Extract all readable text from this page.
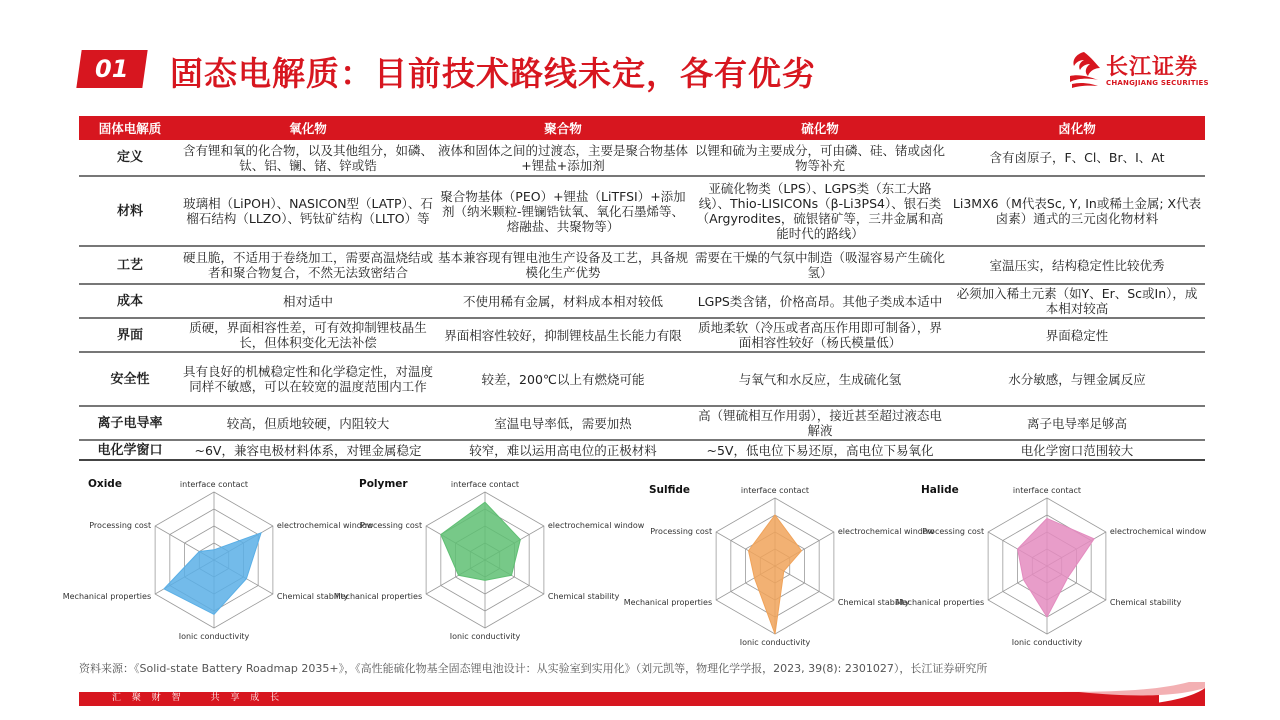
01 固态电解质：目前技术路线未定，各有优劣	长江证券
CHANGJIANG SECURITIES
固体电解质	氧化物	聚合物	硫化物	卤化物
定义	含有锂和氧的化合物，以及其他组分，如磷、钛、铝、镧、锗、锌或锆	液体和固体之间的过渡态，主要是聚合物基体+锂盐+添加剂	以锂和硫为主要成分，可由磷、硅、锗或卤化物等补充	含有卤原子，F、Cl、Br、I、At
材料	玻璃相（LiPOH）、NASICON型（LATP）、石榴石结构（LLZO）、钙钛矿结构（LLTO）等	聚合物基体（PEO）+锂盐（LiTFSI）+添加剂（纳米颗粒-锂镧锆钛氧、氧化石墨烯等、熔融盐、共聚物等）	亚硫化物类（LPS）、LGPS类（东工大路线）、Thio-LISICONs（β-Li3PS4）、银石类（Argyrodites，硫银锗矿等，三井金属和高能时代的路线）	Li3MX6（M代表Sc, Y, In或稀土金属; X代表卤素）通式的三元卤化物材料
工艺	硬且脆，不适用于卷绕加工，需要高温烧结或者和聚合物复合，不然无法致密结合	基本兼容现有锂电池生产设备及工艺，具备规模化生产优势	需要在干燥的气氛中制造（吸湿容易产生硫化氢）	室温压实，结构稳定性比较优秀
成本	相对适中	不使用稀有金属，材料成本相对较低	LGPS类含锗，价格高昂。其他子类成本适中	必须加入稀土元素（如Y、Er、Sc或In），成本相对较高
界面	质硬，界面相容性差，可有效抑制锂枝晶生长，但体积变化无法补偿	界面相容性较好，抑制锂枝晶生长能力有限	质地柔软（冷压或者高压作用即可制备），界面相容性较好（杨氏模量低）	界面稳定性
安全性	具有良好的机械稳定性和化学稳定性，对温度同样不敏感，可以在较宽的温度范围内工作	较差，200℃以上有燃烧可能	与氧气和水反应，生成硫化氢	水分敏感，与锂金属反应
离子电导率	较高，但质地较硬，内阻较大	室温电导率低，需要加热	高（锂硫相互作用弱），接近甚至超过液态电解液	离子电导率足够高
电化学窗口	~6V，兼容电极材料体系，对锂金属稳定	较窄，难以运用高电位的正极材料	~5V，低电位下易还原，高电位下易氧化	电化学窗口范围较大
Oxide	interface contact
electrochemical window
Chemical stability
Ionic conductivity
Mechanical properties
Processing cost
Polymer	interface contact
electrochemical window
Chemical stability
Ionic conductivity
Mechanical properties
Processing cost
Sulfide	interface contact
electrochemical window
Chemical stability
Ionic conductivity
Mechanical properties
Processing cost
Halide	interface contact
electrochemical window
Chemical stability
Ionic conductivity
Mechanical properties
Processing cost
资料来源：《Solid-state Battery Roadmap 2035+》，《高性能硫化物基全固态锂电池设计：从实验室到实用化》（刘元凯等，物理化学学报，2023, 39(8): 2301027），长江证券研究所
汇 聚 财 智　　共 享 成 长
